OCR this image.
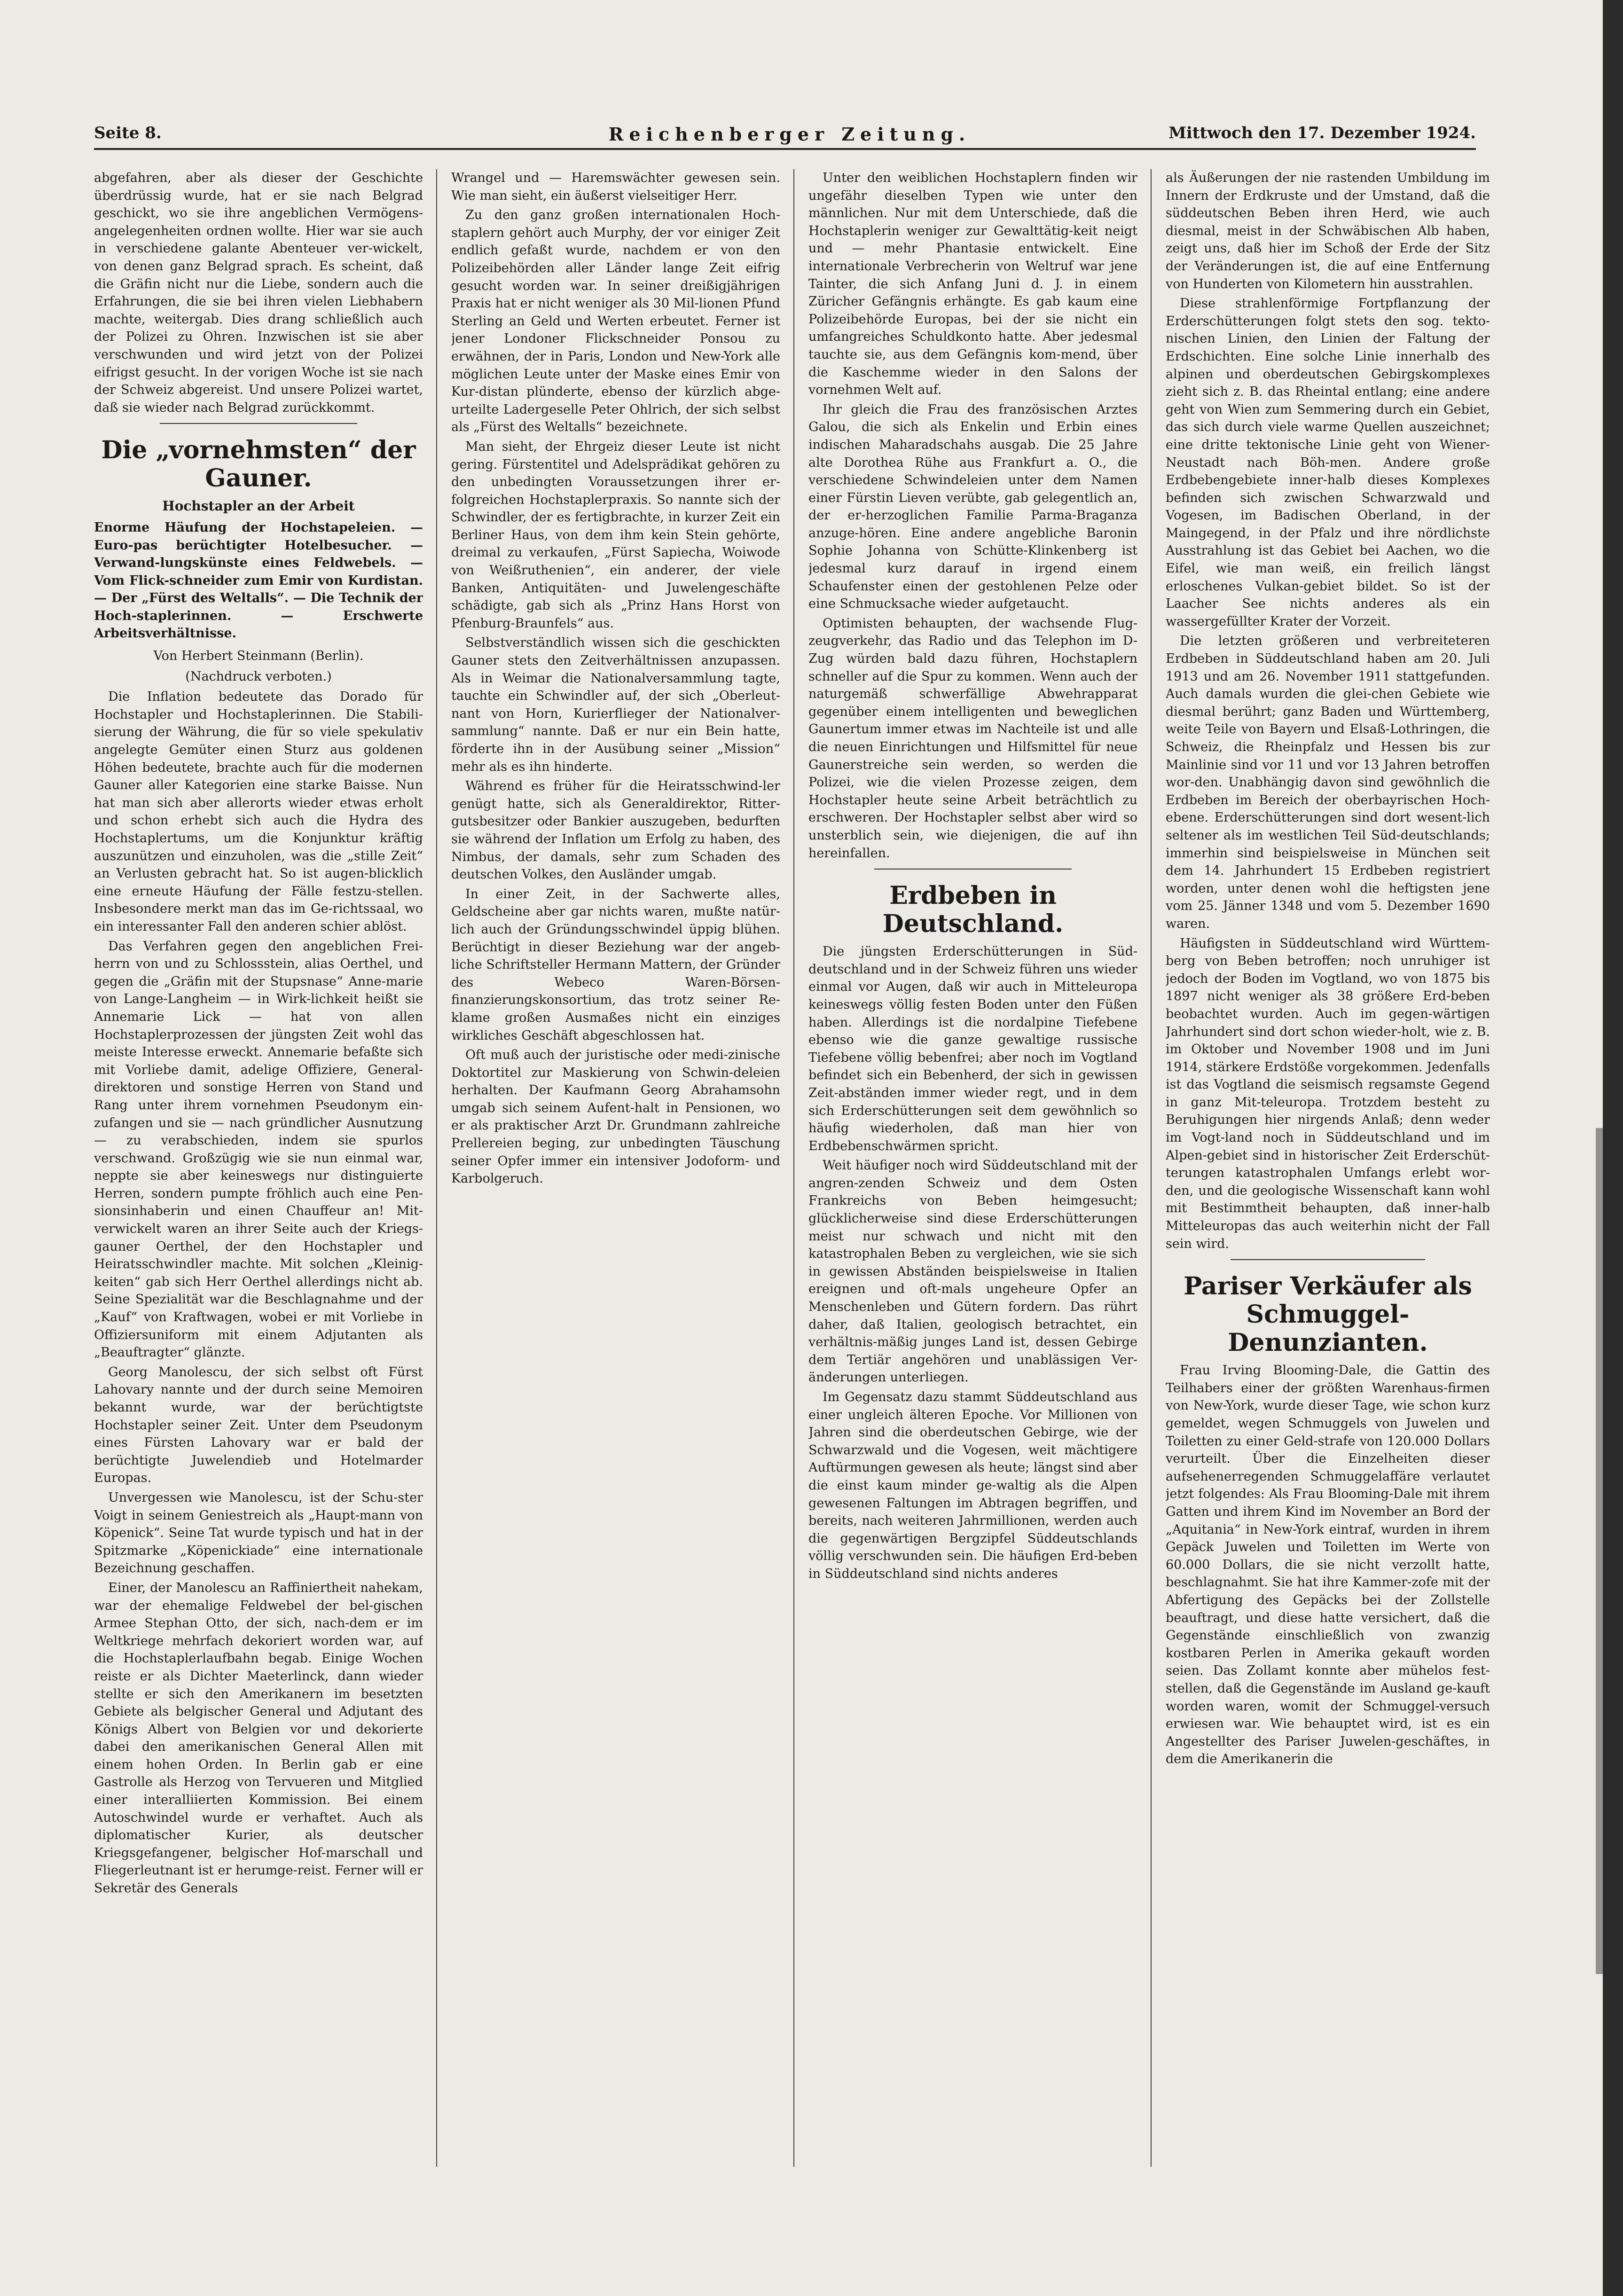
Seite 8.	Reichenberger Zeitung.	Mittwoch den 17. Dezember 1924.

abgefahren, aber als dieser der Geschichte überdrüssig wurde, hat er sie nach Belgrad geschickt, wo sie ihre angeblichen Vermögens-angelegenheiten ordnen wollte. Hier war sie auch in verschiedene galante Abenteuer ver-wickelt, von denen ganz Belgrad sprach. Es scheint, daß die Gräfin nicht nur die Liebe, sondern auch die Erfahrungen, die sie bei ihren vielen Liebhabern machte, weitergab. Dies drang schließlich auch der Polizei zu Ohren. Inzwischen ist sie aber verschwunden und wird jetzt von der Polizei eifrigst gesucht. In der vorigen Woche ist sie nach der Schweiz abgereist. Und unsere Polizei wartet, daß sie wieder nach Belgrad zurückkommt.

Die „vornehmsten“ der Gauner.
Hochstapler an der Arbeit

Enorme Häufung der Hochstapeleien. — Euro-pas berüchtigter Hotelbesucher. — Verwand-lungskünste eines Feldwebels. — Vom Flick-schneider zum Emir von Kurdistan. — Der „Fürst des Weltalls“. — Die Technik der Hoch-staplerinnen. — Erschwerte Arbeitsverhältnisse.

Von Herbert Steinmann (Berlin).

(Nachdruck verboten.)

Die Inflation bedeutete das Dorado für Hochstapler und Hochstaplerinnen. Die Stabili-sierung der Währung, die für so viele spekulativ angelegte Gemüter einen Sturz aus goldenen Höhen bedeutete, brachte auch für die modernen Gauner aller Kategorien eine starke Baisse. Nun hat man sich aber allerorts wieder etwas erholt und schon erhebt sich auch die Hydra des Hochstaplertums, um die Konjunktur kräftig auszunützen und einzuholen, was die „stille Zeit“ an Verlusten gebracht hat. So ist augen-blicklich eine erneute Häufung der Fälle festzu-stellen. Insbesondere merkt man das im Ge-richtssaal, wo ein interessanter Fall den anderen schier ablöst.

Das Verfahren gegen den angeblichen Frei-herrn von und zu Schlossstein, alias Oerthel, und gegen die „Gräfin mit der Stupsnase“ Anne-marie von Lange-Langheim — in Wirk-lichkeit heißt sie Annemarie Lick — hat von allen Hochstaplerprozessen der jüngsten Zeit wohl das meiste Interesse erweckt. Annemarie befaßte sich mit Vorliebe damit, adelige Offiziere, General-direktoren und sonstige Herren von Stand und Rang unter ihrem vornehmen Pseudonym ein-zufangen und sie — nach gründlicher Ausnutzung — zu verabschieden, indem sie spurlos verschwand. Großzügig wie sie nun einmal war, neppte sie aber keineswegs nur distinguierte Herren, sondern pumpte fröhlich auch eine Pen-sionsinhaberin und einen Chauffeur an! Mit-verwickelt waren an ihrer Seite auch der Kriegs-gauner Oerthel, der den Hochstapler und Heiratsschwindler machte. Mit solchen „Kleinig-keiten“ gab sich Herr Oerthel allerdings nicht ab. Seine Spezialität war die Beschlagnahme und der „Kauf“ von Kraftwagen, wobei er mit Vorliebe in Offiziersuniform mit einem Adjutanten als „Beauftragter“ glänzte.

Georg Manolescu, der sich selbst oft Fürst Lahovary nannte und der durch seine Memoiren bekannt wurde, war der berüchtigtste Hochstapler seiner Zeit. Unter dem Pseudonym eines Fürsten Lahovary war er bald der berüchtigte Juwelendieb und Hotelmarder Europas.

Unvergessen wie Manolescu, ist der Schu-ster Voigt in seinem Geniestreich als „Haupt-mann von Köpenick“. Seine Tat wurde typisch und hat in der Spitzmarke „Köpenickiade“ eine internationale Bezeichnung geschaffen.

Einer, der Manolescu an Raffiniertheit nahekam, war der ehemalige Feldwebel der bel-gischen Armee Stephan Otto, der sich, nach-dem er im Weltkriege mehrfach dekoriert worden war, auf die Hochstaplerlaufbahn begab. Einige Wochen reiste er als Dichter Maeterlinck, dann wieder stellte er sich den Amerikanern im besetzten Gebiete als belgischer General und Adjutant des Königs Albert von Belgien vor und dekorierte dabei den amerikanischen General Allen mit einem hohen Orden. In Berlin gab er eine Gastrolle als Herzog von Tervueren und Mitglied einer interalliierten Kommission. Bei einem Autoschwindel wurde er verhaftet. Auch als diplomatischer Kurier, als deutscher Kriegsgefangener, belgischer Hof-marschall und Fliegerleutnant ist er herumge-reist. Ferner will er Sekretär des Generals

Wrangel und — Haremswächter gewesen sein. Wie man sieht, ein äußerst vielseitiger Herr.

Zu den ganz großen internationalen Hoch-staplern gehört auch Murphy, der vor einiger Zeit endlich gefaßt wurde, nachdem er von den Polizeibehörden aller Länder lange Zeit eifrig gesucht worden war. In seiner dreißigjährigen Praxis hat er nicht weniger als 30 Mil-lionen Pfund Sterling an Geld und Werten erbeutet. Ferner ist jener Londoner Flickschneider Ponsou zu erwähnen, der in Paris, London und New-York alle möglichen Leute unter der Maske eines Emir von Kur-distan plünderte, ebenso der kürzlich abge-urteilte Ladergeselle Peter Ohlrich, der sich selbst als „Fürst des Weltalls“ bezeichnete.

Man sieht, der Ehrgeiz dieser Leute ist nicht gering. Fürstentitel und Adelsprädikat gehören zu den unbedingten Voraussetzungen ihrer er-folgreichen Hochstaplerpraxis. So nannte sich der Schwindler, der es fertigbrachte, in kurzer Zeit ein Berliner Haus, von dem ihm kein Stein gehörte, dreimal zu verkaufen, „Fürst Sapiecha, Woiwode von Weißruthenien“, ein anderer, der viele Banken, Antiquitäten- und Juwelengeschäfte schädigte, gab sich als „Prinz Hans Horst von Pfenburg-Braunfels“ aus.

Selbstverständlich wissen sich die geschickten Gauner stets den Zeitverhältnissen anzupassen. Als in Weimar die Nationalversammlung tagte, tauchte ein Schwindler auf, der sich „Oberleut-nant von Horn, Kurierflieger der Nationalver-sammlung“ nannte. Daß er nur ein Bein hatte, förderte ihn in der Ausübung seiner „Mission“ mehr als es ihn hinderte.

Während es früher für die Heiratsschwind-ler genügt hatte, sich als Generaldirektor, Ritter-gutsbesitzer oder Bankier auszugeben, bedurften sie während der Inflation um Erfolg zu haben, des Nimbus, der damals, sehr zum Schaden des deutschen Volkes, den Ausländer umgab.

In einer Zeit, in der Sachwerte alles, Geldscheine aber gar nichts waren, mußte natür-lich auch der Gründungsschwindel üppig blühen. Berüchtigt in dieser Beziehung war der angeb-liche Schriftsteller Hermann Mattern, der Gründer des Webeco Waren-Börsen-finanzierungskonsortium, das trotz seiner Re-klame großen Ausmaßes nicht ein einziges wirkliches Geschäft abgeschlossen hat.

Oft muß auch der juristische oder medi-zinische Doktortitel zur Maskierung von Schwin-deleien herhalten. Der Kaufmann Georg Abrahamsohn umgab sich seinem Aufent-halt in Pensionen, wo er als praktischer Arzt Dr. Grundmann zahlreiche Prellereien beging, zur unbedingten Täuschung seiner Opfer immer ein intensiver Jodoform- und Karbolgeruch.

Unter den weiblichen Hochstaplern finden wir ungefähr dieselben Typen wie unter den männlichen. Nur mit dem Unterschiede, daß die Hochstaplerin weniger zur Gewalttätig-keit neigt und — mehr Phantasie entwickelt. Eine internationale Verbrecherin von Weltruf war jene Tainter, die sich Anfang Juni d. J. in einem Züricher Gefängnis erhängte. Es gab kaum eine Polizeibehörde Europas, bei der sie nicht ein umfangreiches Schuldkonto hatte. Aber jedesmal tauchte sie, aus dem Gefängnis kom-mend, über die Kaschemme wieder in den Salons der vornehmen Welt auf.

Ihr gleich die Frau des französischen Arztes Galou, die sich als Enkelin und Erbin eines indischen Maharadschahs ausgab. Die 25 Jahre alte Dorothea Rühe aus Frankfurt a. O., die verschiedene Schwindeleien unter dem Namen einer Fürstin Lieven verübte, gab gelegentlich an, der er-herzoglichen Familie Parma-Braganza anzuge-hören. Eine andere angebliche Baronin Sophie Johanna von Schütte-Klinkenberg ist jedesmal kurz darauf in irgend einem Schaufenster einen der gestohlenen Pelze oder eine Schmucksache wieder aufgetaucht.

Optimisten behaupten, der wachsende Flug-zeugverkehr, das Radio und das Telephon im D-Zug würden bald dazu führen, Hochstaplern schneller auf die Spur zu kommen. Wenn auch der naturgemäß schwerfällige Abwehrapparat gegenüber einem intelligenten und beweglichen Gaunertum immer etwas im Nachteile ist und alle die neuen Einrichtungen und Hilfsmittel für neue Gaunerstreiche sein werden, so werden die Polizei, wie die vielen Prozesse zeigen, dem Hochstapler heute seine Arbeit beträchtlich zu erschweren. Der Hochstapler selbst aber wird so unsterblich sein, wie diejenigen, die auf ihn hereinfallen.

Erdbeben in Deutschland.

Die jüngsten Erderschütterungen in Süd-deutschland und in der Schweiz führen uns wieder einmal vor Augen, daß wir auch in Mitteleuropa keineswegs völlig festen Boden unter den Füßen haben. Allerdings ist die nordalpine Tiefebene ebenso wie die ganze gewaltige russische Tiefebene völlig bebenfrei; aber noch im Vogtland befindet sich ein Bebenherd, der sich in gewissen Zeit-abständen immer wieder regt, und in dem sich Erderschütterungen seit dem gewöhnlich so häufig wiederholen, daß man hier von Erdbebenschwärmen spricht.

Weit häufiger noch wird Süddeutschland mit der angren-zenden Schweiz und dem Osten Frankreichs von Beben heimgesucht; glücklicherweise sind diese Erderschütterungen meist nur schwach und nicht mit den katastrophalen Beben zu vergleichen, wie sie sich in gewissen Abständen beispielsweise in Italien ereignen und oft-mals ungeheure Opfer an Menschenleben und Gütern fordern. Das rührt daher, daß Italien, geologisch betrachtet, ein verhältnis-mäßig junges Land ist, dessen Gebirge dem Tertiär angehören und unablässigen Ver-änderungen unterliegen.

Im Gegensatz dazu stammt Süddeutschland aus einer ungleich älteren Epoche. Vor Millionen von Jahren sind die oberdeutschen Gebirge, wie der Schwarzwald und die Vogesen, weit mächtigere Auftürmungen gewesen als heute; längst sind aber die einst kaum minder ge-waltig als die Alpen gewesenen Faltungen im Abtragen begriffen, und bereits, nach weiteren Jahrmillionen, werden auch die gegenwärtigen Bergzipfel Süddeutschlands völlig verschwunden sein. Die häufigen Erd-beben in Süddeutschland sind nichts anderes

als Äußerungen der nie rastenden Umbildung im Innern der Erdkruste und der Umstand, daß die süddeutschen Beben ihren Herd, wie auch diesmal, meist in der Schwäbischen Alb haben, zeigt uns, daß hier im Schoß der Erde der Sitz der Veränderungen ist, die auf eine Entfernung von Hunderten von Kilometern hin ausstrahlen.

Diese strahlenförmige Fortpflanzung der Erderschütterungen folgt stets den sog. tekto-nischen Linien, den Linien der Faltung der Erdschichten. Eine solche Linie innerhalb des alpinen und oberdeutschen Gebirgskomplexes zieht sich z. B. das Rheintal entlang; eine andere geht von Wien zum Semmering durch ein Gebiet, das sich durch viele warme Quellen auszeichnet; eine dritte tektonische Linie geht von Wiener-Neustadt nach Böh-men. Andere große Erdbebengebiete inner-halb dieses Komplexes befinden sich zwischen Schwarzwald und Vogesen, im Badischen Oberland, in der Maingegend, in der Pfalz und ihre nördlichste Ausstrahlung ist das Gebiet bei Aachen, wo die Eifel, wie man weiß, ein freilich längst erloschenes Vulkan-gebiet bildet. So ist der Laacher See nichts anderes als ein wassergefüllter Krater der Vorzeit.

Die letzten größeren und verbreiteteren Erdbeben in Süddeutschland haben am 20. Juli 1913 und am 26. November 1911 stattgefunden. Auch damals wurden die glei-chen Gebiete wie diesmal berührt; ganz Baden und Württemberg, weite Teile von Bayern und Elsaß-Lothringen, die Schweiz, die Rheinpfalz und Hessen bis zur Mainlinie sind vor 11 und vor 13 Jahren betroffen wor-den. Unabhängig davon sind gewöhnlich die Erdbeben im Bereich der oberbayrischen Hoch-ebene. Erderschütterungen sind dort wesent-lich seltener als im westlichen Teil Süd-deutschlands; immerhin sind beispielsweise in München seit dem 14. Jahrhundert 15 Erdbeben registriert worden, unter denen wohl die heftigsten jene vom 25. Jänner 1348 und vom 5. Dezember 1690 waren.

Häufigsten in Süddeutschland wird Württem-berg von Beben betroffen; noch unruhiger ist jedoch der Boden im Vogtland, wo von 1875 bis 1897 nicht weniger als 38 größere Erd-beben beobachtet wurden. Auch im gegen-wärtigen Jahrhundert sind dort schon wieder-holt, wie z. B. im Oktober und November 1908 und im Juni 1914, stärkere Erdstöße vorgekommen. Jedenfalls ist das Vogtland die seismisch regsamste Gegend in ganz Mit-teleuropa. Trotzdem besteht zu Beruhigungen hier nirgends Anlaß; denn weder im Vogt-land noch in Süddeutschland und im Alpen-gebiet sind in historischer Zeit Erderschüt-terungen katastrophalen Umfangs erlebt wor-den, und die geologische Wissenschaft kann wohl mit Bestimmtheit behaupten, daß inner-halb Mitteleuropas das auch weiterhin nicht der Fall sein wird.

Pariser Verkäufer als Schmuggel-Denunzianten.

Frau Irving Blooming-Dale, die Gattin des Teilhabers einer der größten Warenhaus-firmen von New-York, wurde dieser Tage, wie schon kurz gemeldet, wegen Schmuggels von Juwelen und Toiletten zu einer Geld-strafe von 120.000 Dollars verurteilt. Über die Einzelheiten dieser aufsehenerregenden Schmuggelaffäre verlautet jetzt folgendes: Als Frau Blooming-Dale mit ihrem Gatten und ihrem Kind im November an Bord der „Aquitania“ in New-York eintraf, wurden in ihrem Gepäck Juwelen und Toiletten im Werte von 60.000 Dollars, die sie nicht verzollt hatte, beschlagnahmt. Sie hat ihre Kammer-zofe mit der Abfertigung des Gepäcks bei der Zollstelle beauftragt, und diese hatte versichert, daß die Gegenstände einschließlich von zwanzig kostbaren Perlen in Amerika gekauft worden seien. Das Zollamt konnte aber mühelos fest-stellen, daß die Gegenstände im Ausland ge-kauft worden waren, womit der Schmuggel-versuch erwiesen war. Wie behauptet wird, ist es ein Angestellter des Pariser Juwelen-geschäftes, in dem die Amerikanerin die
